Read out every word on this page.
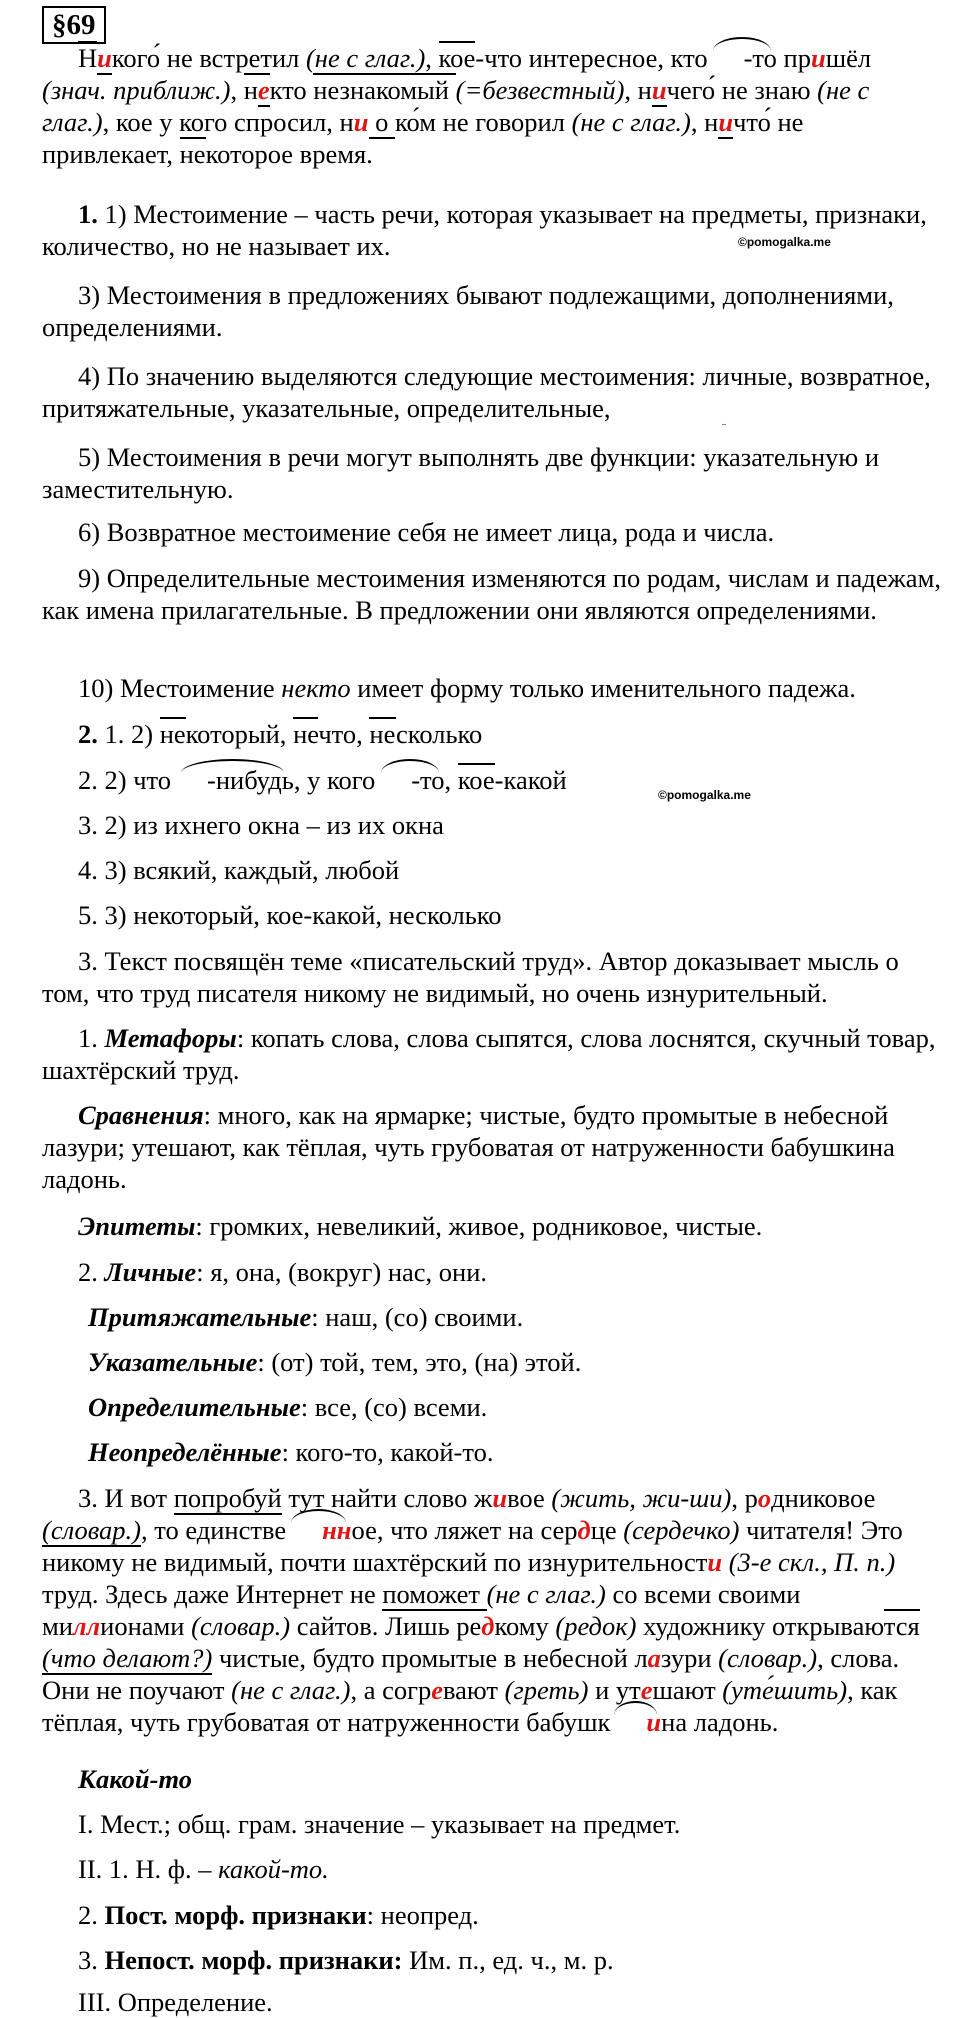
§69
Никого́ не встретил (не с глаг.), кое-что интересное, кто -то пришёл
(знач. приближ.), некто незнакомый (=безвестный), ничего́ не знаю (не с
глаг.), кое у кого спросил, ни о ко́м не говорил (не с глаг.), ничто́ не
привлекает, некоторое время.
1. 1) Местоимение – часть речи, которая указывает на предметы, признаки, количество, но не называет их.	©pomogalka.me
3) Местоимения в предложениях бывают подлежащими, дополнениями, определениями.
4) По значению выделяются следующие местоимения: личные, возвратное, притяжательные, указательные, определительные,
¨
5) Местоимения в речи могут выполнять две функции: указательную и заместительную.
6) Возвратное местоимение себя не имеет лица, рода и числа.
9) Определительные местоимения изменяются по родам, числам и падежам, как имена прилагательные. В предложении они являются определениями.
10) Местоимение некто имеет форму только именительного падежа.
2. 1. 2) некоторый, нечто, несколько
2. 2) что -нибудь, у кого -то, кое-какой	©pomogalka.me
3. 2) из ихнего окна – из их окна
4. 3) всякий, каждый, любой
5. 3) некоторый, кое-какой, несколько
3. Текст посвящён теме «писательский труд». Автор доказывает мысль о том, что труд писателя никому не видимый, но очень изнурительный.
1. Метафоры: копать слова, слова сыпятся, слова лоснятся, скучный товар, шахтёрский труд.
Сравнения: много, как на ярмарке; чистые, будто промытые в небесной лазури; утешают, как тёплая, чуть грубоватая от натруженности бабушкина ладонь.
Эпитеты: громких, невеликий, живое, родниковое, чистые.
2. Личные: я, она, (вокруг) нас, они.
Притяжательные: наш, (со) своими.
Указательные: (от) той, тем, это, (на) этой.
Определительные: все, (со) всеми.
Неопределённые: кого-то, какой-то.
3. И вот попробуй тут найти слово живое (жить, жи-ши), родниковое
(словар.), то единстве нное, что ляжет на сердце (сердечко) читателя! Это
никому не видимый, почти шахтёрский по изнурительности (3-е скл., П. п.)
труд. Здесь даже Интернет не поможет (не с глаг.) со всеми своими
миллионами (словар.) сайтов. Лишь редкому (редок) художнику открываются
(что делают?) чистые, будто промытые в небесной лазури (словар.), слова.
Они не поучают (не с глаг.), а согревают (греть) и утешают (уте́шить), как
тёплая, чуть грубоватая от натруженности бабушк ина ладонь.
Какой-то
I. Мест.; общ. грам. значение – указывает на предмет.
II. 1. Н. ф. – какой-то.
2. Пост. морф. признаки: неопред.
3. Непост. морф. признаки: Им. п., ед. ч., м. р.
III. Определение.
